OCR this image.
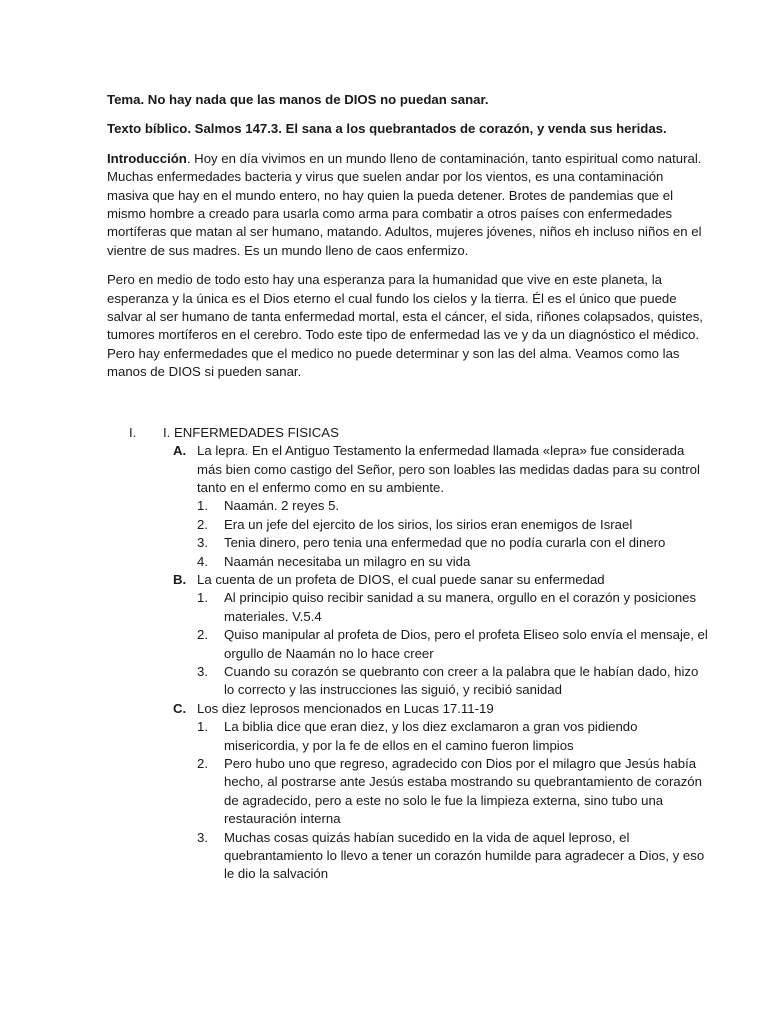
Tema. No hay nada que las manos de DIOS no puedan sanar.

Texto bíblico. Salmos 147.3. El sana a los quebrantados de corazón, y venda sus heridas.

Introducción. Hoy en día vivimos en un mundo lleno de contaminación, tanto espiritual como natural. Muchas enfermedades bacteria y virus que suelen andar por los vientos, es una contaminación masiva que hay en el mundo entero, no hay quien la pueda detener. Brotes de pandemias que el mismo hombre a creado para usarla como arma para combatir a otros países con enfermedades mortíferas que matan al ser humano, matando. Adultos, mujeres jóvenes, niños eh incluso niños en el vientre de sus madres. Es un mundo lleno de caos enfermizo.

Pero en medio de todo esto hay una esperanza para la humanidad que vive en este planeta, la esperanza y la única es el Dios eterno el cual fundo los cielos y la tierra. Él es el único que puede salvar al ser humano de tanta enfermedad mortal, esta el cáncer, el sida, riñones colapsados, quistes, tumores mortíferos en el cerebro. Todo este tipo de enfermedad las ve y da un diagnóstico el médico. Pero hay enfermedades que el medico no puede determinar y son las del alma. Veamos como las manos de DIOS si pueden sanar.

I. I. ENFERMEDADES FISICAS
A. La lepra. En el Antiguo Testamento la enfermedad llamada «lepra» fue considerada más bien como castigo del Señor, pero son loables las medidas dadas para su control tanto en el enfermo como en su ambiente.
1. Naamán. 2 reyes 5.
2. Era un jefe del ejercito de los sirios, los sirios eran enemigos de Israel
3. Tenia dinero, pero tenia una enfermedad que no podía curarla con el dinero
4. Naamán necesitaba un milagro en su vida
B. La cuenta de un profeta de DIOS, el cual puede sanar su enfermedad
1. Al principio quiso recibir sanidad a su manera, orgullo en el corazón y posiciones materiales. V.5.4
2. Quiso manipular al profeta de Dios, pero el profeta Eliseo solo envía el mensaje, el orgullo de Naamán no lo hace creer
3. Cuando su corazón se quebranto con creer a la palabra que le habían dado, hizo lo correcto y las instrucciones las siguió, y recibió sanidad
C. Los diez leprosos mencionados en Lucas 17.11-19
1. La biblia dice que eran diez, y los diez exclamaron a gran vos pidiendo misericordia, y por la fe de ellos en el camino fueron limpios
2. Pero hubo uno que regreso, agradecido con Dios por el milagro que Jesús había hecho, al postrarse ante Jesús estaba mostrando su quebrantamiento de corazón de agradecido, pero a este no solo le fue la limpieza externa, sino tubo una restauración interna
3. Muchas cosas quizás habían sucedido en la vida de aquel leproso, el quebrantamiento lo llevo a tener un corazón humilde para agradecer a Dios, y eso le dio la salvación
